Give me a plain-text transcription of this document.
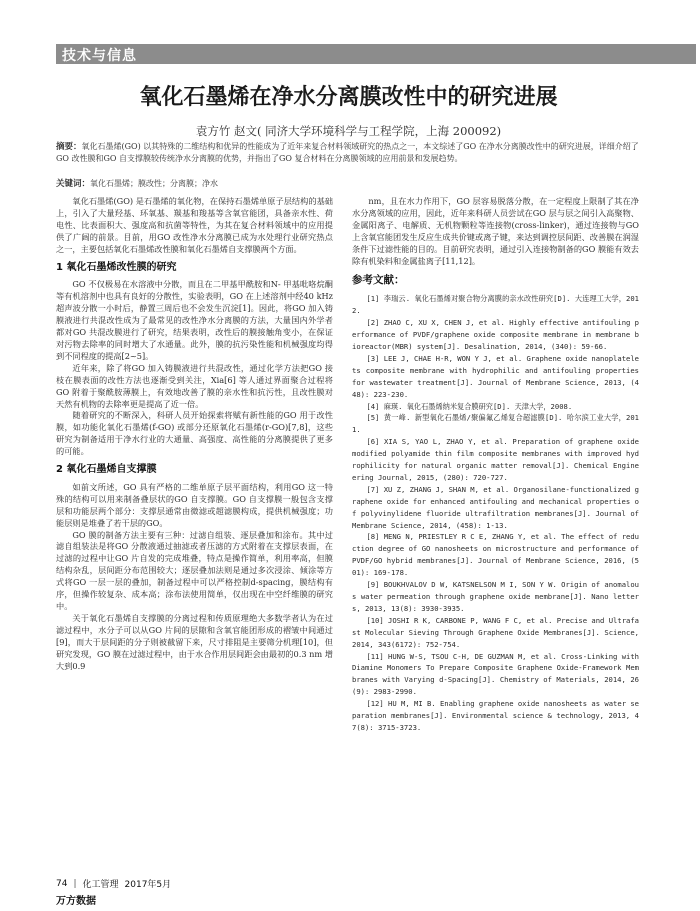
技术与信息
氧化石墨烯在净水分离膜改性中的研究进展
袁方竹 赵文( 同济大学环境科学与工程学院，上海 200092)
摘要：氧化石墨烯(GO) 以其特殊的二维结构和优异的性能成为了近年来复合材料领域研究的热点之一，本文综述了GO 在净水分离膜改性中的研究进展，详细介绍了GO 改性膜和GO 自支撑膜较传统净水分离膜的优势，并指出了GO 复合材料在分离膜领域的应用前景和发展趋势。
关键词：氧化石墨烯；膜改性；分离膜；净水

氧化石墨烯(GO) 是石墨烯的氧化物，在保持石墨烯单原子层结构的基础上，引入了大量羟基、环氧基、羰基和羧基等含氧官能团，具备亲水性、荷电性、比表面积大、强度高和抗菌等特性，为其在复合材料领域中的应用提供了广阔的前景。目前，用GO 改性净水分离膜已成为水处理行业研究热点之一，主要包括氧化石墨烯改性膜和氧化石墨烯自支撑膜两个方面。

1 氧化石墨烯改性膜的研究

GO 不仅极易在水溶液中分散，而且在二甲基甲酰胺和N- 甲基吡咯烷酮等有机溶剂中也具有良好的分散性，实验表明，GO 在上述溶剂中经40 kHz 超声波分散一小时后，静置三周后也不会发生沉淀[1]。因此，将GO 加入铸膜液进行共混改性成为了最常见的改性净水分离膜的方法，大量国内外学者都对GO 共混改膜进行了研究，结果表明，改性后的膜接触角变小，在保证对污物去除率的同时增大了水通量。此外，膜的抗污染性能和机械强度均得到不同程度的提高[2~5]。

近年来，除了将GO 加入铸膜液进行共混改性，通过化学方法把GO 接枝在膜表面的改性方法也逐渐受到关注，Xia[6] 等人通过界面聚合过程将GO 附着于聚酰胺薄膜上，有效地改善了膜的亲水性和抗污性，且改性膜对天然有机物的去除率更是提高了近一倍。

随着研究的不断深入，科研人员开始探索将赋有新性能的GO 用于改性膜，如功能化氧化石墨烯(f-GO) 或部分还原氧化石墨烯(r-GO)[7,8]，这些研究为制备适用于净水行业的大通量、高强度、高性能的分离膜提供了更多的可能。

2 氧化石墨烯自支撑膜

如前文所述，GO 具有严格的二维单原子层平面结构，利用GO 这一特殊的结构可以用来制备叠层状的GO 自支撑膜。GO 自支撑膜一般包含支撑层和功能层两个部分：支撑层通常由微滤或超滤膜构成，提供机械强度；功能层则是堆叠了若干层的GO。

GO 膜的制备方法主要有三种：过滤自组装、逐层叠加和涂布。其中过滤自组装法是将GO 分散液通过抽滤或者压滤的方式附着在支撑层表面，在过滤的过程中让GO 片自发的完成堆叠，特点是操作简单，利用率高，但膜结构杂乱，层间距分布范围较大；逐层叠加法则是通过多次浸涂、倾涂等方式将GO 一层一层的叠加，制备过程中可以严格控制d-spacing，膜结构有序，但操作较复杂、成本高；涂布法使用简单，仅出现在中空纤维膜的研究中。

关于氧化石墨烯自支撑膜的分离过程和传质原理绝大多数学者认为在过滤过程中，水分子可以从GO 片间的层隙和含氧官能团形成的褶皱中间通过[9]，而大于层间距的分子则被截留下来，尺寸排阻是主要筛分机理[10]，但研究发现，GO 膜在过滤过程中，由于水合作用层间距会由最初的0.3 nm 增大到0.9

nm，且在水力作用下，GO 层容易脱落分散，在一定程度上限制了其在净水分离领域的应用，因此，近年来科研人员尝试在GO 层与层之间引入高聚物、金属阳离子、电解质、无机物颗粒等连接物(cross-linker)，通过连接物与GO 上含氧官能团发生反应生成共价键或离子键，来达到调控层间距、改善膜在润湿条件下过滤性能的目的。目前研究表明，通过引入连接物制备的GO 膜能有效去除有机染料和金属盐离子[11,12]。

参考文献：

[1] 李瑞云. 氧化石墨烯对聚合物分离膜的亲水改性研究[D]. 大连理工大学，2012.

[2] ZHAO C, XU X, CHEN J, et al. Highly effective antifouling performance of PVDF/graphene oxide composite membrane in membrane bioreactor(MBR) system[J]. Desalination, 2014, (340): 59-66.

[3] LEE J, CHAE H-R, WON Y J, et al. Graphene oxide nanoplatelets composite membrane with hydrophilic and antifouling properties for wastewater treatment[J]. Journal of Membrane Science, 2013, (448): 223-230.

[4] 麻瑛. 氧化石墨烯纳米复合膜研究[D]. 天津大学，2008.

[5] 黄一峰. 新型氧化石墨烯/聚偏氟乙烯复合超滤膜[D]. 哈尔滨工业大学，2011.

[6] XIA S, YAO L, ZHAO Y, et al. Preparation of graphene oxide modified polyamide thin film composite membranes with improved hydrophilicity for natural organic matter removal[J]. Chemical Engineering Journal, 2015, (280): 720-727.

[7] XU Z, ZHANG J, SHAN M, et al. Organosilane-functionalized graphene oxide for enhanced antifouling and mechanical properties of polyvinylidene fluoride ultrafiltration membranes[J]. Journal of Membrane Science, 2014, (458): 1-13.

[8] MENG N, PRIESTLEY R C E, ZHANG Y, et al. The effect of reduction degree of GO nanosheets on microstructure and performance of PVDF/GO hybrid membranes[J]. Journal of Membrane Science, 2016, (501): 169-178.

[9] BOUKHVALOV D W, KATSNELSON M I, SON Y W. Origin of anomalous water permeation through graphene oxide membrane[J]. Nano letters, 2013, 13(8): 3930-3935.

[10] JOSHI R K, CARBONE P, WANG F C, et al. Precise and Ultrafast Molecular Sieving Through Graphene Oxide Membranes[J]. Science, 2014, 343(6172): 752-754.

[11] HUNG W-S, TSOU C-H, DE GUZMAN M, et al. Cross-Linking with Diamine Monomers To Prepare Composite Graphene Oxide-Framework Membranes with Varying d-Spacing[J]. Chemistry of Materials, 2014, 26(9): 2983-2990.

[12] HU M, MI B. Enabling graphene oxide nanosheets as water separation membranes[J]. Environmental science & technology, 2013, 47(8): 3715-3723.

74 | 化工管理 2017年5月
万方数据
